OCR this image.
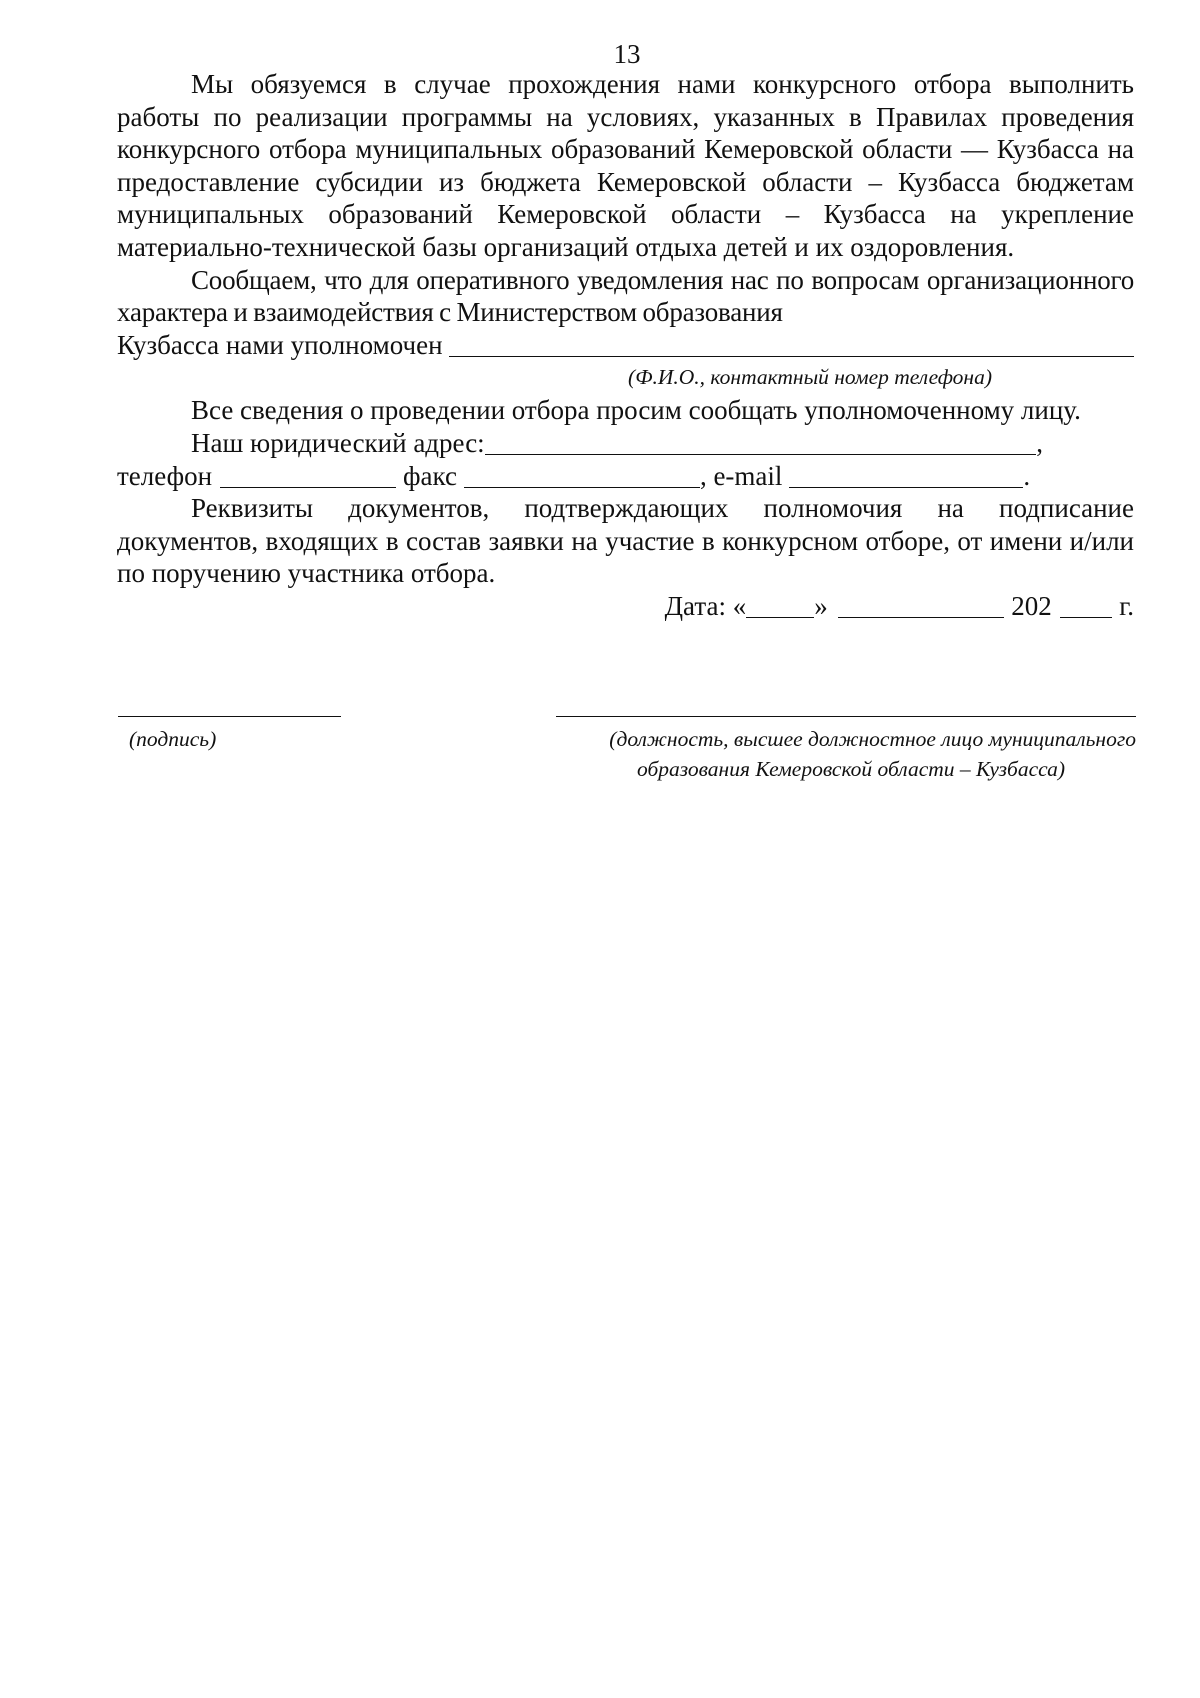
13

Мы обязуемся в случае прохождения нами конкурсного отбора выполнить работы по реализации программы на условиях, указанных в Правилах проведения конкурсного отбора муниципальных образований Кемеровской области — Кузбасса на предоставление субсидии из бюджета Кемеровской области – Кузбасса бюджетам муниципальных образований Кемеровской области – Кузбасса на укрепление материально-технической базы организаций отдыха детей и их оздоровления.

Сообщаем, что для оперативного уведомления нас по вопросам организационного характера и взаимодействия с Министерством образования

Кузбасса нами уполномочен
(Ф.И.О., контактный номер телефона)
Все сведения о проведении отбора просим сообщать уполномоченному лицу.
Наш юридический адрес:	,
телефон	факс	, e-mail	.

Реквизиты документов, подтверждающих полномочия на подписание документов, входящих в состав заявки на участие в конкурсном отборе, от имени и/или по поручению участника отбора.

Дата: «	»	202	г.
(подпись)	(должность, высшее должностное лицо муниципального
образования Кемеровской области – Кузбасса)
